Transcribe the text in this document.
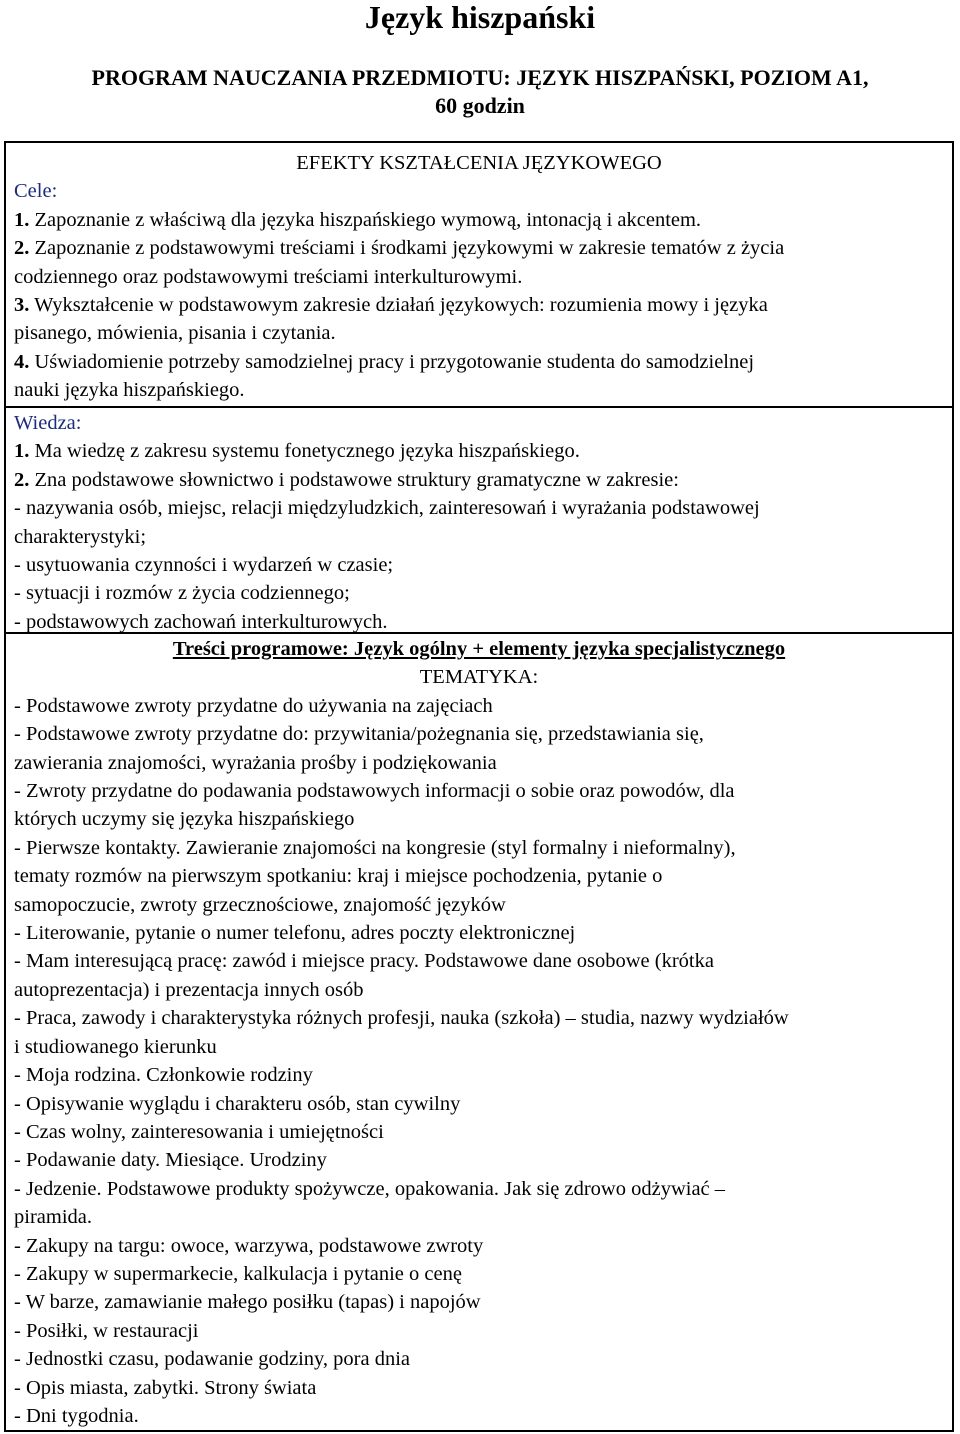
Język hiszpański
PROGRAM NAUCZANIA PRZEDMIOTU: JĘZYK HISZPAŃSKI, POZIOM A1,
60 godzin
EFEKTY KSZTAŁCENIA JĘZYKOWEGO
Cele:
1. Zapoznanie z właściwą dla języka hiszpańskiego wymową, intonacją i akcentem.
2. Zapoznanie z podstawowymi treściami i środkami językowymi w zakresie tematów z życia
codziennego oraz podstawowymi treściami interkulturowymi.
3. Wykształcenie w podstawowym zakresie działań językowych: rozumienia mowy i języka
pisanego, mówienia, pisania i czytania.
4. Uświadomienie potrzeby samodzielnej pracy i przygotowanie studenta do samodzielnej
nauki języka hiszpańskiego.
Wiedza:
1. Ma wiedzę z zakresu systemu fonetycznego języka hiszpańskiego.
2. Zna podstawowe słownictwo i podstawowe struktury gramatyczne w zakresie:
- nazywania osób, miejsc, relacji międzyludzkich, zainteresowań i wyrażania podstawowej
charakterystyki;
- usytuowania czynności i wydarzeń w czasie;
- sytuacji i rozmów z życia codziennego;
- podstawowych zachowań interkulturowych.
Treści programowe: Język ogólny + elementy języka specjalistycznego
TEMATYKA:
- Podstawowe zwroty przydatne do używania na zajęciach
- Podstawowe zwroty przydatne do: przywitania/pożegnania się, przedstawiania się,
zawierania znajomości, wyrażania prośby i podziękowania
- Zwroty przydatne do podawania podstawowych informacji o sobie oraz powodów, dla
których uczymy się języka hiszpańskiego
- Pierwsze kontakty. Zawieranie znajomości na kongresie (styl formalny i nieformalny),
tematy rozmów na pierwszym spotkaniu: kraj i miejsce pochodzenia, pytanie o
samopoczucie, zwroty grzecznościowe, znajomość języków
- Literowanie, pytanie o numer telefonu, adres poczty elektronicznej
- Mam interesującą pracę: zawód i miejsce pracy. Podstawowe dane osobowe (krótka
autoprezentacja) i prezentacja innych osób
- Praca, zawody i charakterystyka różnych profesji, nauka (szkoła) – studia, nazwy wydziałów
i studiowanego kierunku
- Moja rodzina. Członkowie rodziny
- Opisywanie wyglądu i charakteru osób, stan cywilny
- Czas wolny, zainteresowania i umiejętności
- Podawanie daty. Miesiące. Urodziny
- Jedzenie. Podstawowe produkty spożywcze, opakowania. Jak się zdrowo odżywiać –
piramida.
- Zakupy na targu: owoce, warzywa, podstawowe zwroty
- Zakupy w supermarkecie, kalkulacja i pytanie o cenę
- W barze, zamawianie małego posiłku (tapas) i napojów
- Posiłki, w restauracji
- Jednostki czasu, podawanie godziny, pora dnia
- Opis miasta, zabytki. Strony świata
- Dni tygodnia.
